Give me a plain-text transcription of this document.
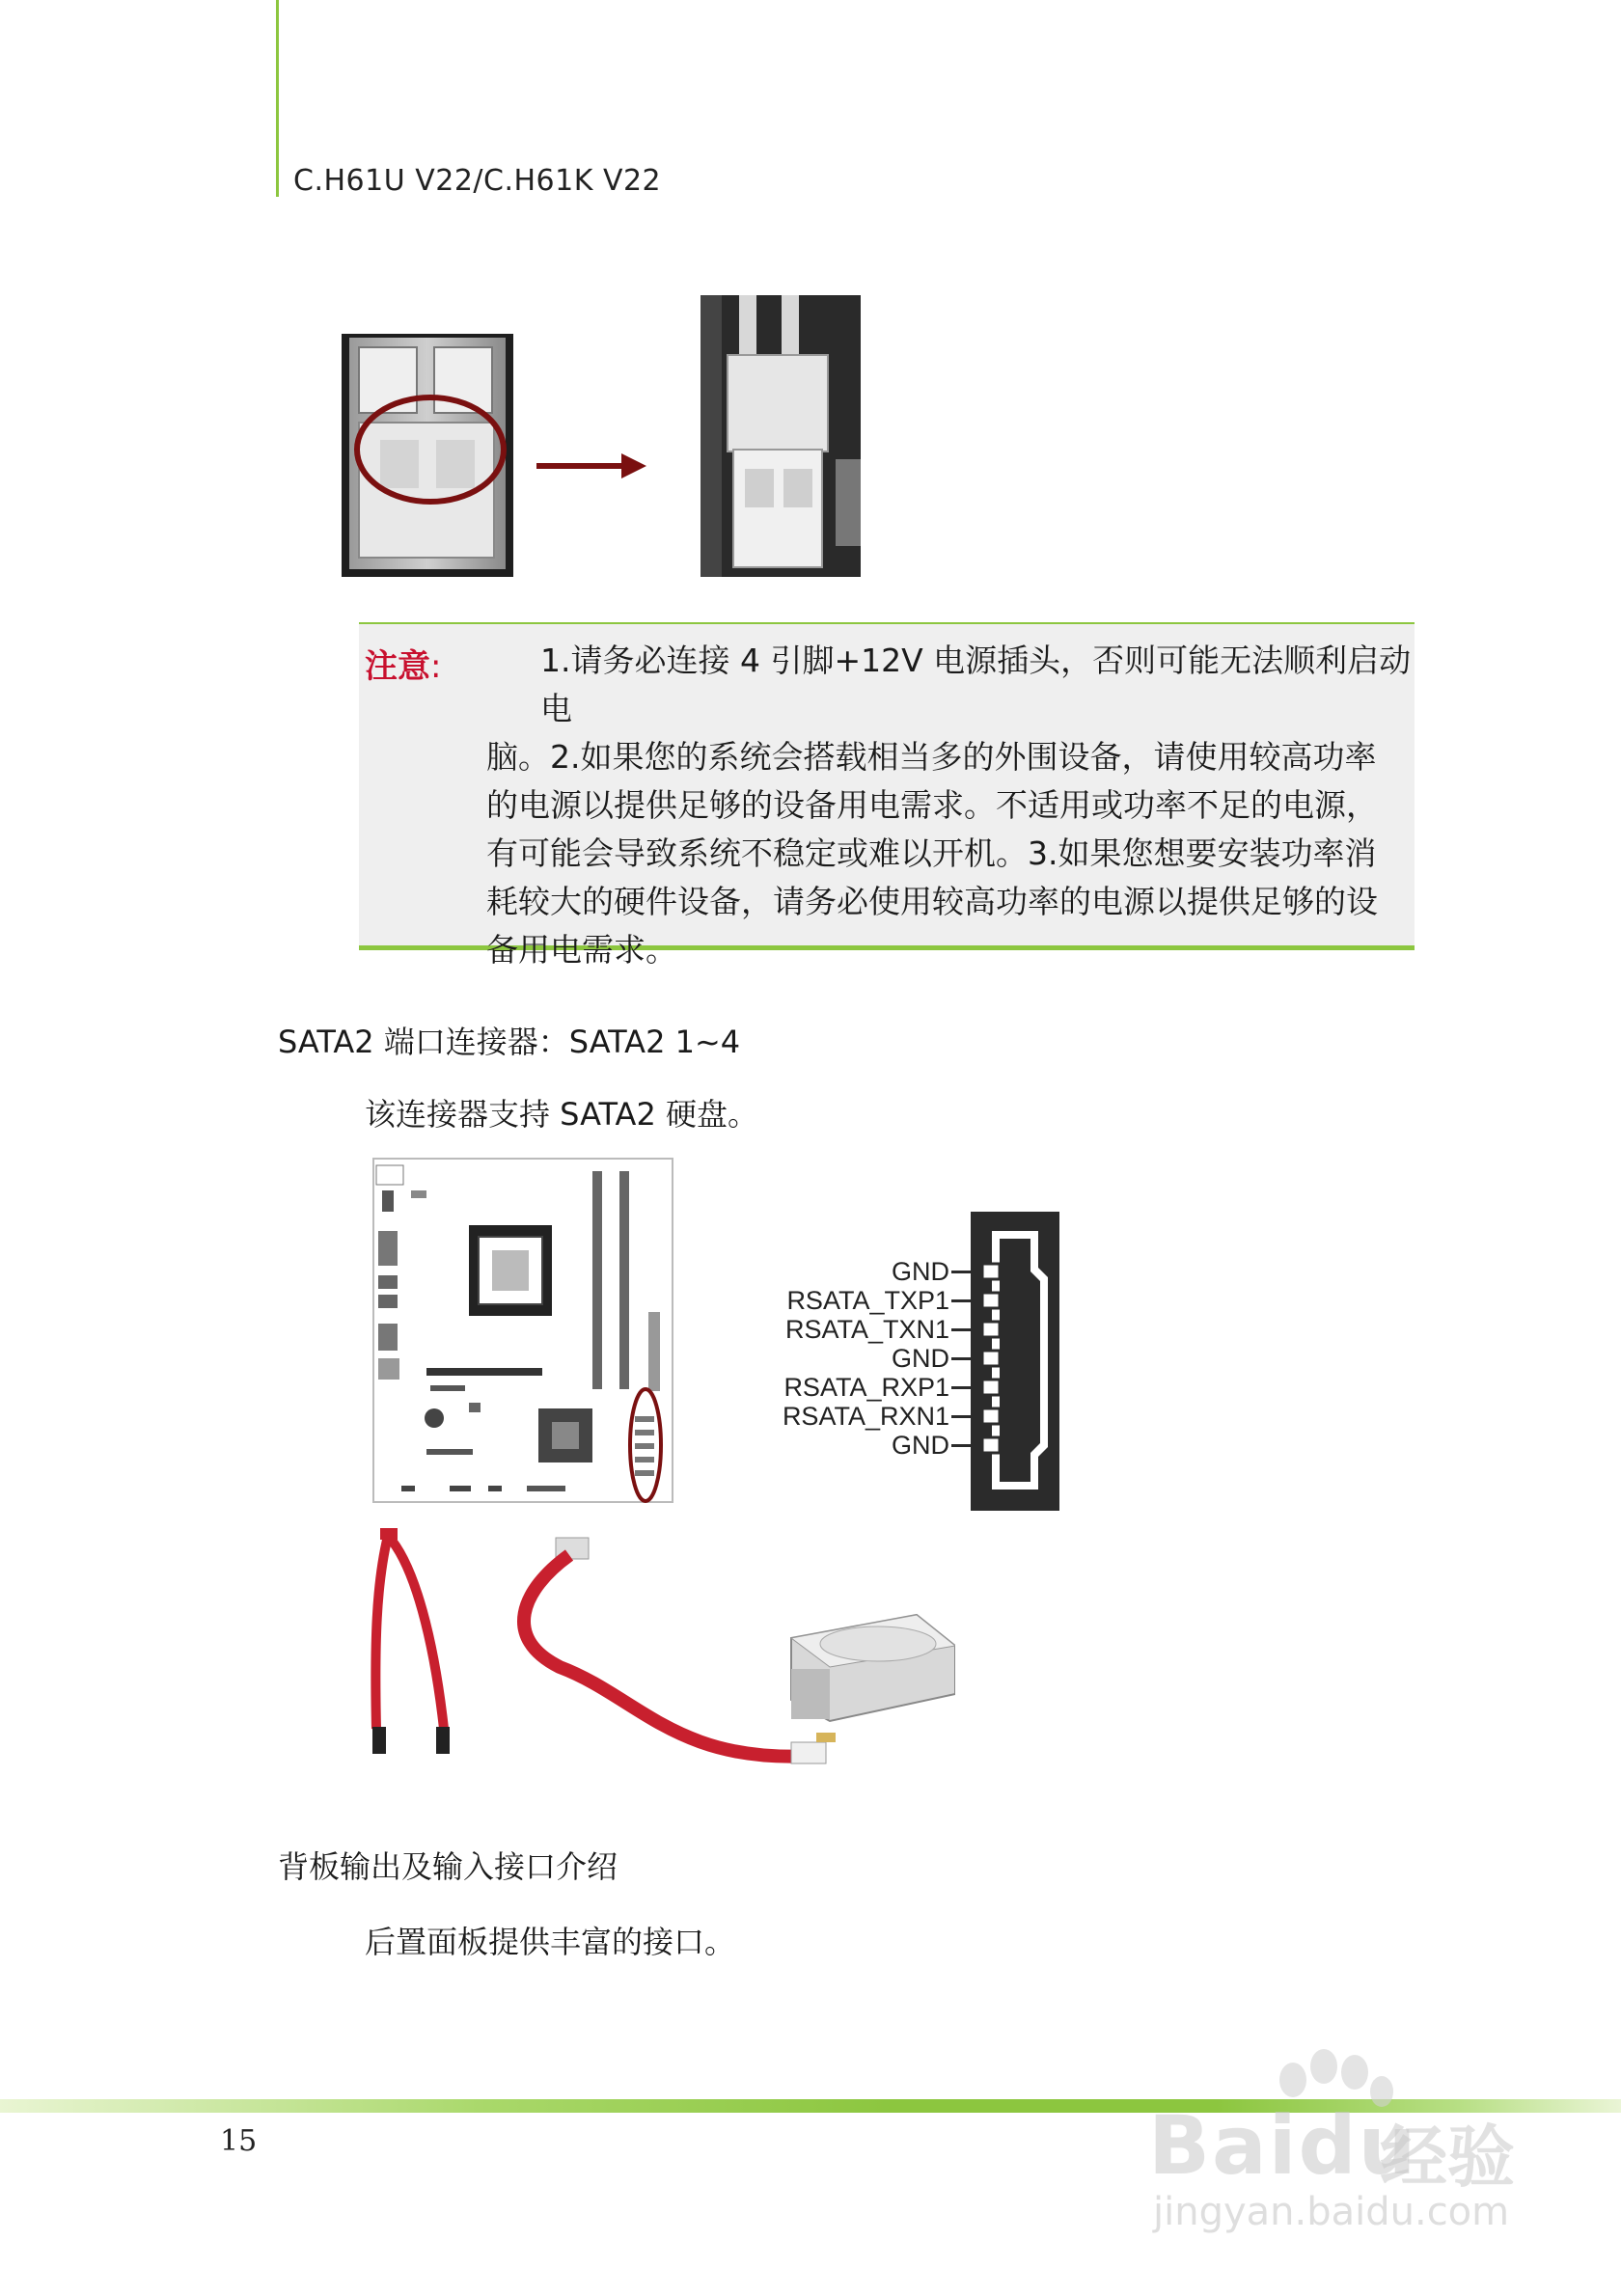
C.H61U V22/C.H61K V22
注意:	1.请务必连接 4 引脚+12V 电源插头，否则可能无法顺利启动电
脑。2.如果您的系统会搭载相当多的外围设备，请使用较高功率
的电源以提供足够的设备用电需求。不适用或功率不足的电源，
有可能会导致系统不稳定或难以开机。3.如果您想要安装功率消
耗较大的硬件设备，请务必使用较高功率的电源以提供足够的设
备用电需求。
SATA2 端口连接器：SATA2 1~4
该连接器支持 SATA2 硬盘。
GND
RSATA_TXP1
RSATA_TXN1
GND
RSATA_RXP1
RSATA_RXN1
GND
背板输出及输入接口介绍
后置面板提供丰富的接口。
15	Baidu
经验
jingyan.baidu.com
